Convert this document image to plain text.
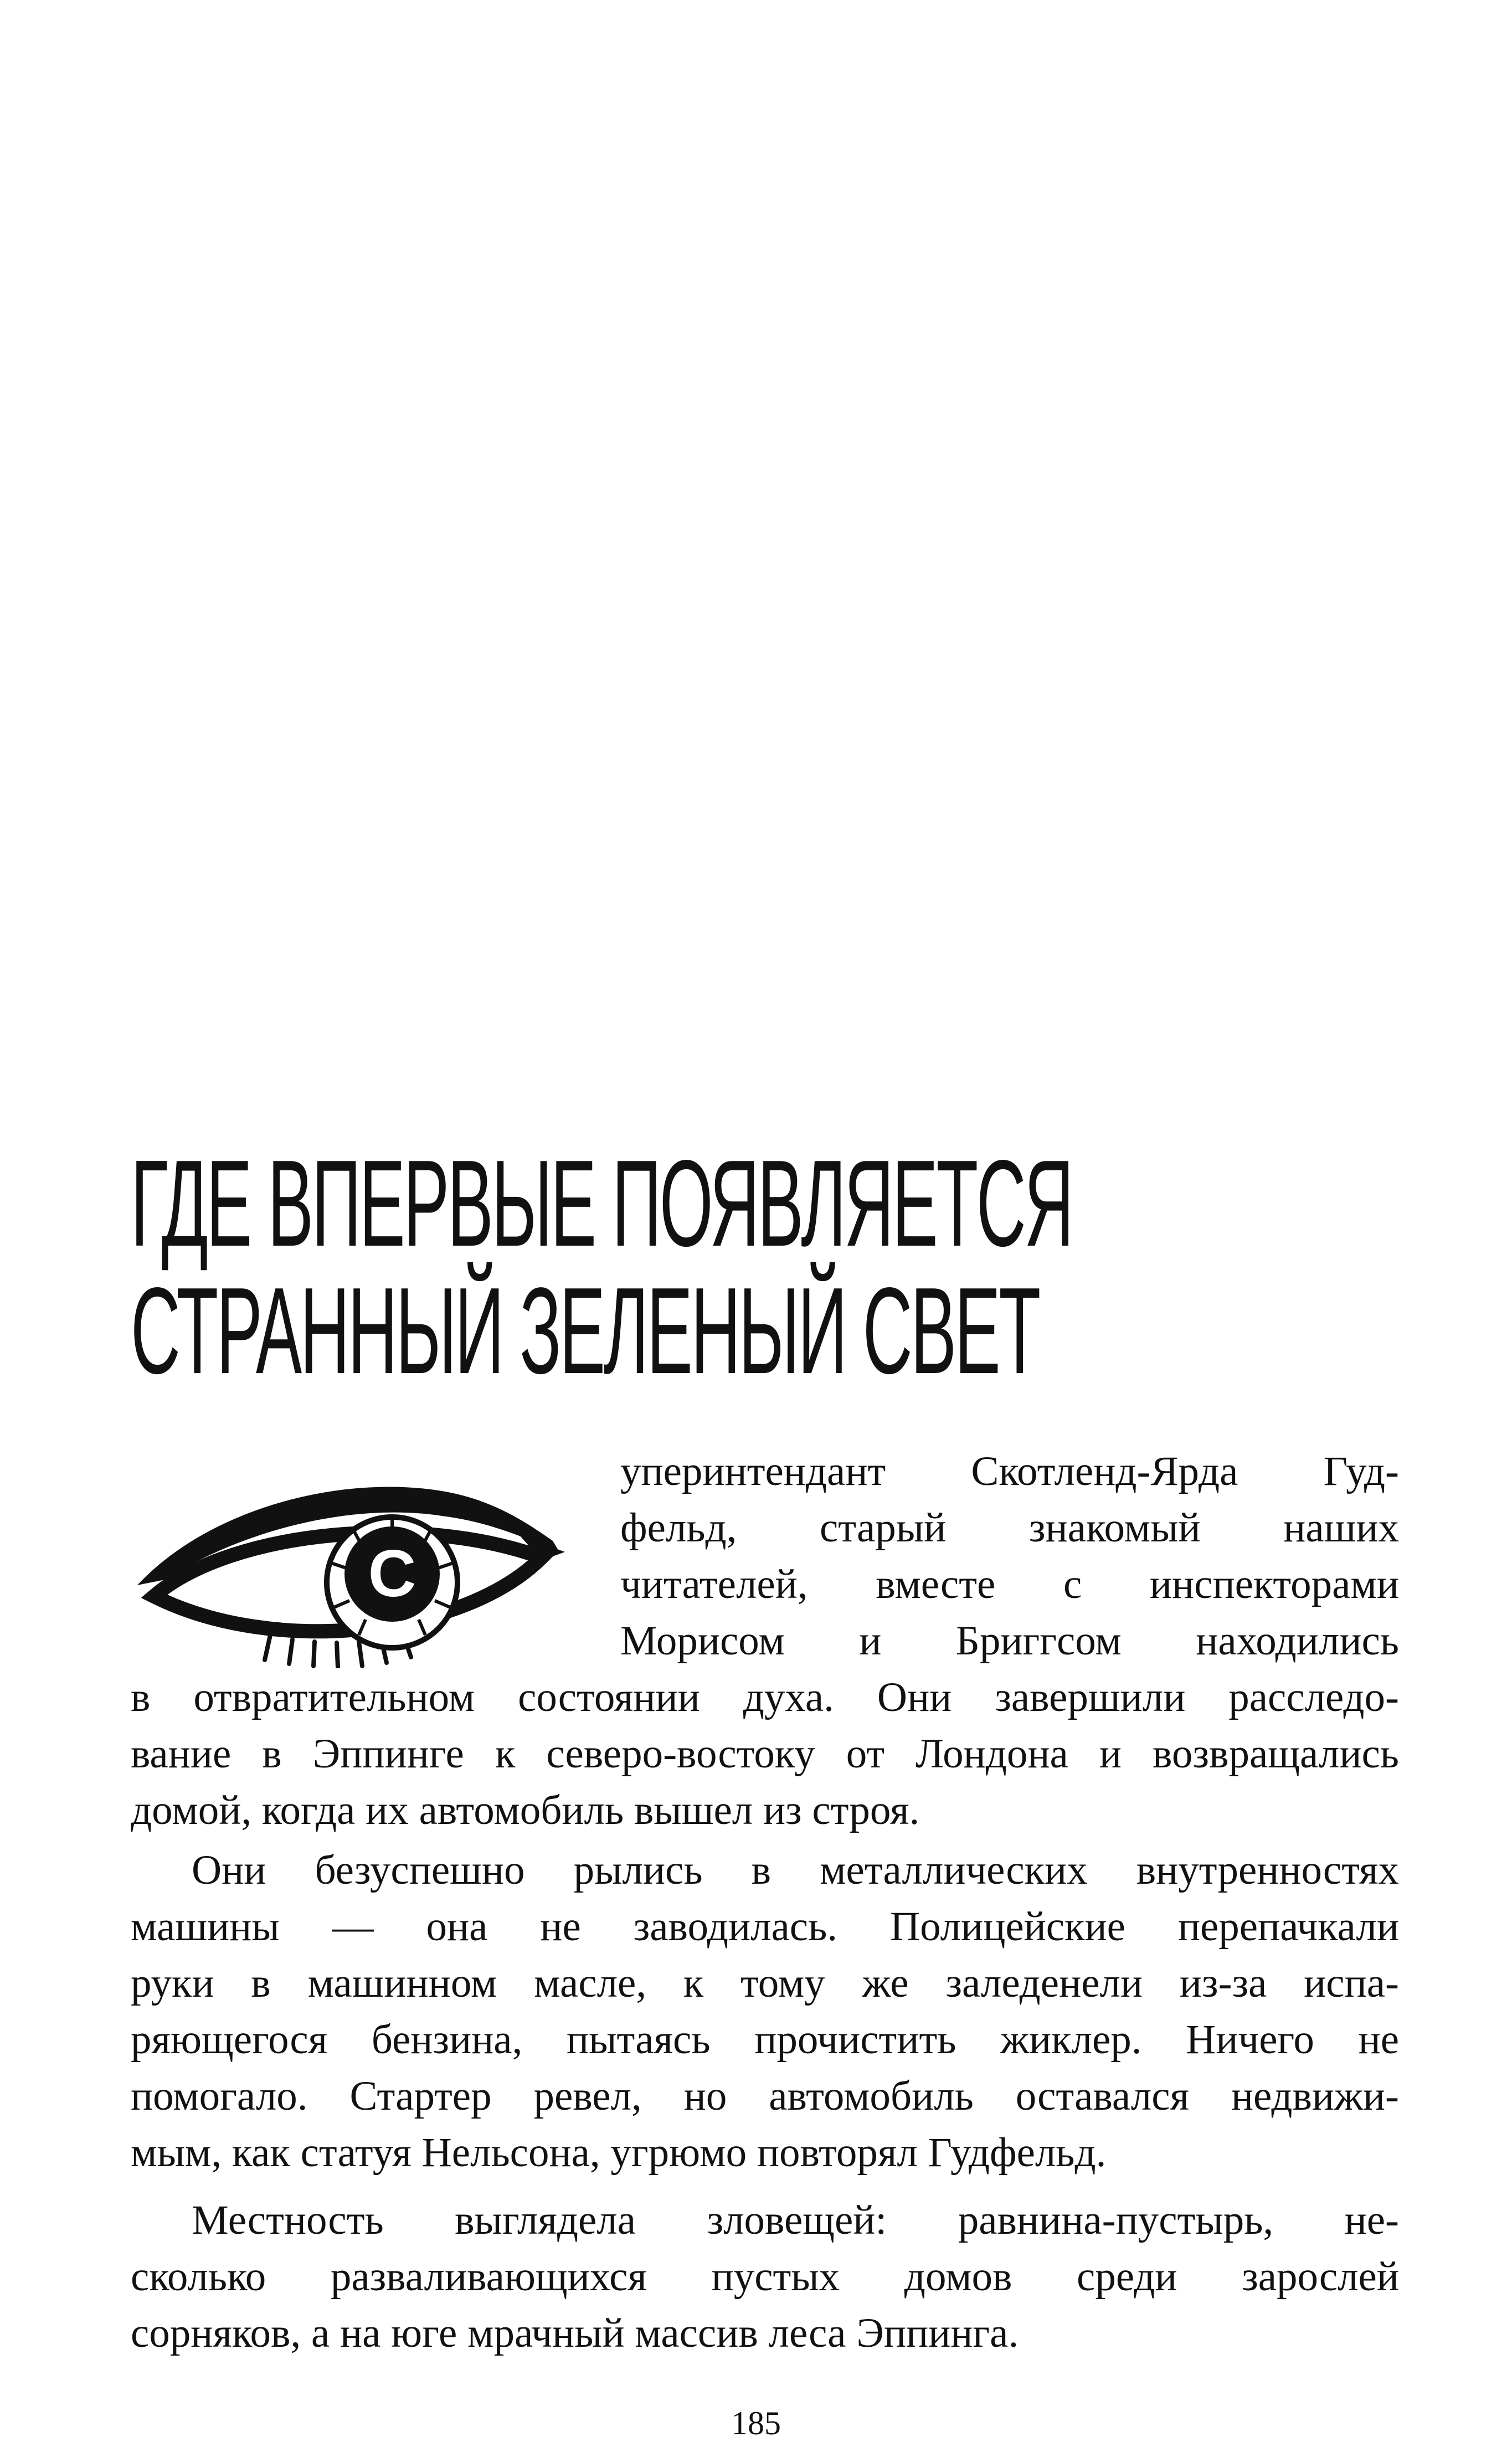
ГДЕ ВПЕРВЫЕ ПОЯВЛЯЕТСЯ
СТРАННЫЙ ЗЕЛЕНЫЙ СВЕТ
С

уперинтендант Скотленд-Ярда Гуд-

фельд, старый знакомый наших

читателей, вместе с инспекторами

Морисом и Бриггсом находились

в отвратительном состоянии духа. Они завершили расследо-

вание в Эппинге к северо-востоку от Лондона и возвращались

домой, когда их автомобиль вышел из строя.

Они безуспешно рылись в металлических внутренностях

машины — она не заводилась. Полицейские перепачкали

руки в машинном масле, к тому же заледенели из-за испа-

ряющегося бензина, пытаясь прочистить жиклер. Ничего не

помогало. Стартер ревел, но автомобиль оставался недвижи-

мым, как статуя Нельсона, угрюмо повторял Гудфельд.

Местность выглядела зловещей: равнина-пустырь, не-

сколько разваливающихся пустых домов среди зарослей

сорняков, а на юге мрачный массив леса Эппинга.

185
